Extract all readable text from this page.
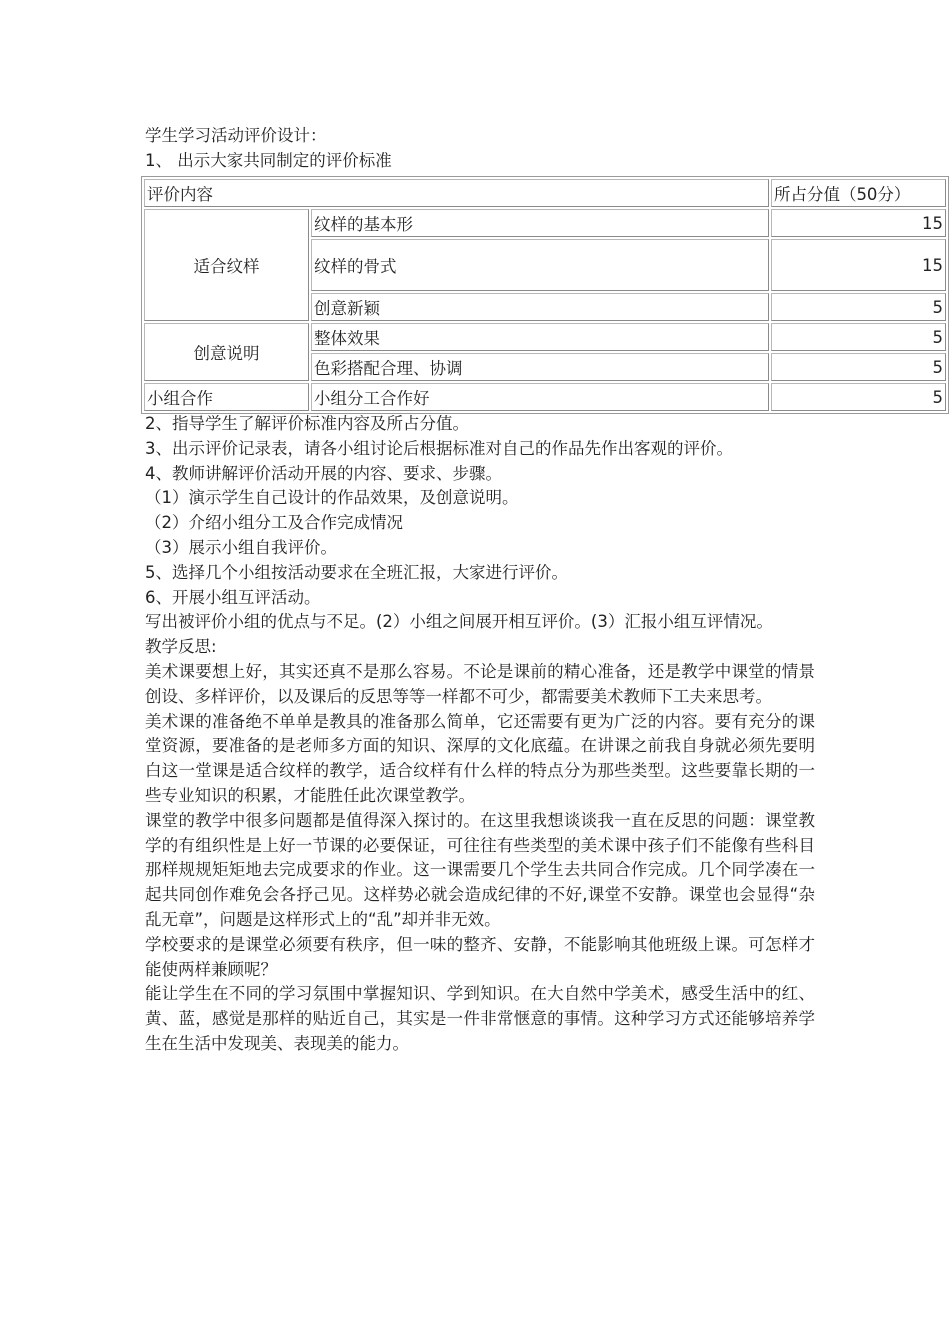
学生学习活动评价设计：
1、 出示大家共同制定的评价标准
评价内容		所占分值（50分）
适合纹样	纹样的基本形	15
	纹样的骨式	15
	创意新颖	5
创意说明	整体效果	5
	色彩搭配合理、协调	5
小组合作	小组分工合作好	5
2、指导学生了解评价标准内容及所占分值。
3、出示评价记录表，请各小组讨论后根据标准对自己的作品先作出客观的评价。
4、教师讲解评价活动开展的内容、要求、步骤。
（1）演示学生自己设计的作品效果，及创意说明。
（2）介绍小组分工及合作完成情况
（3）展示小组自我评价。
5、选择几个小组按活动要求在全班汇报，大家进行评价。
6、开展小组互评活动。
写出被评价小组的优点与不足。(2）小组之间展开相互评价。(3）汇报小组互评情况。
教学反思:
美术课要想上好，其实还真不是那么容易。不论是课前的精心准备，还是教学中课堂的情景创设、多样评价，以及课后的反思等等一样都不可少，都需要美术教师下工夫来思考。
美术课的准备绝不单单是教具的准备那么简单，它还需要有更为广泛的内容。要有充分的课堂资源，要准备的是老师多方面的知识、深厚的文化底蕴。在讲课之前我自身就必须先要明白这一堂课是适合纹样的教学，适合纹样有什么样的特点分为那些类型。这些要靠长期的一些专业知识的积累，才能胜任此次课堂教学。
课堂的教学中很多问题都是值得深入探讨的。在这里我想谈谈我一直在反思的问题：课堂教学的有组织性是上好一节课的必要保证，可往往有些类型的美术课中孩子们不能像有些科目那样规规矩矩地去完成要求的作业。这一课需要几个学生去共同合作完成。几个同学凑在一起共同创作难免会各抒己见。这样势必就会造成纪律的不好,课堂不安静。课堂也会显得“杂乱无章”，问题是这样形式上的“乱”却并非无效。
学校要求的是课堂必须要有秩序，但一味的整齐、安静，不能影响其他班级上课。可怎样才能使两样兼顾呢？
能让学生在不同的学习氛围中掌握知识、学到知识。在大自然中学美术，感受生活中的红、黄、蓝，感觉是那样的贴近自己，其实是一件非常惬意的事情。这种学习方式还能够培养学生在生活中发现美、表现美的能力。
